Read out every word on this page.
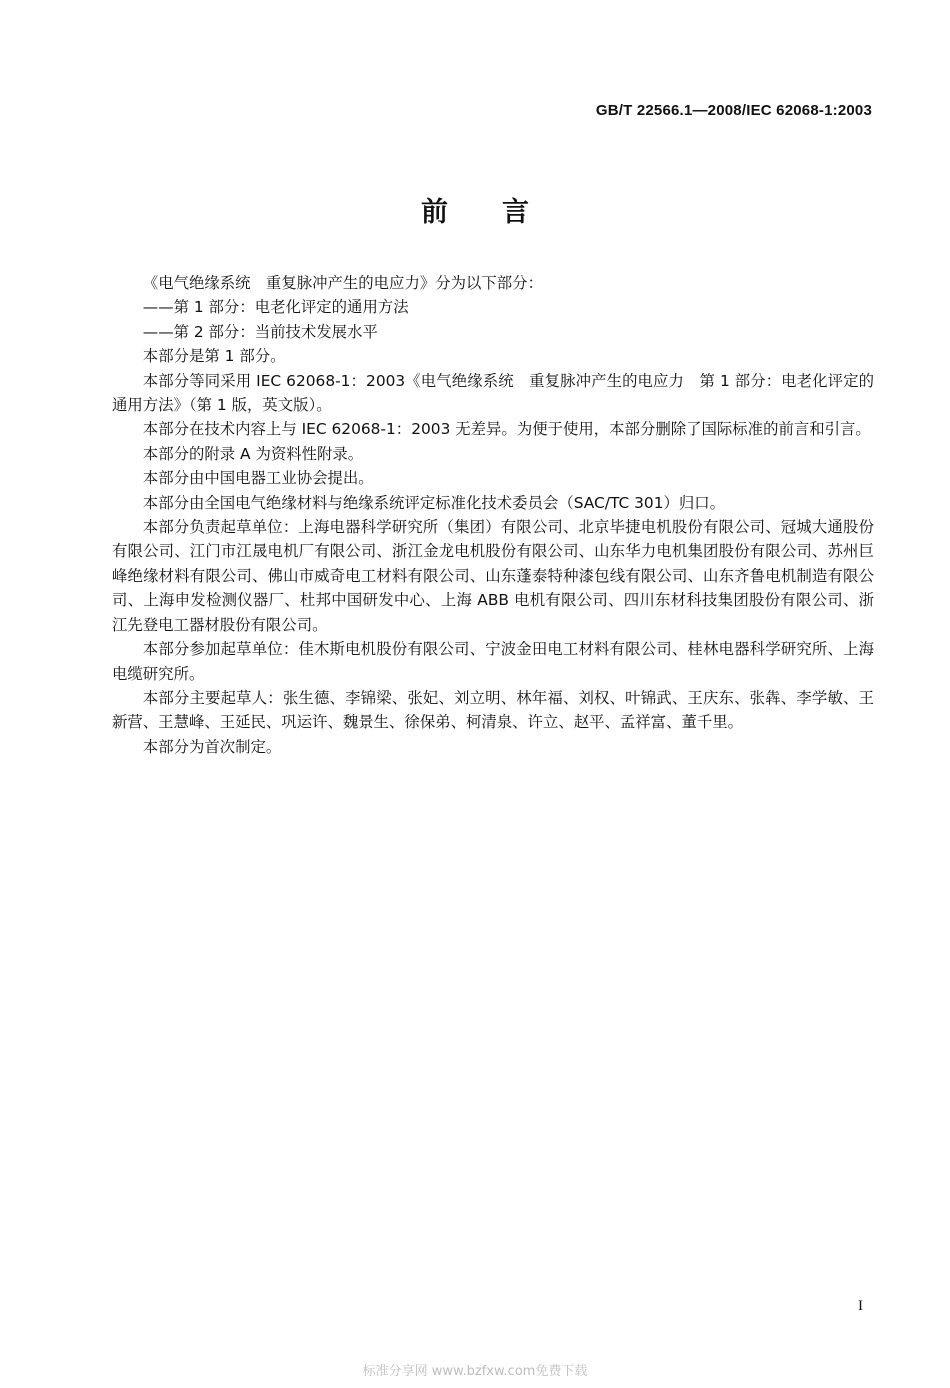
GB/T 22566.1—2008/IEC 62068-1:2003
前 言

《电气绝缘系统　重复脉冲产生的电应力》分为以下部分：

——第 1 部分：电老化评定的通用方法

——第 2 部分：当前技术发展水平

本部分是第 1 部分。

本部分等同采用 IEC 62068-1：2003《电气绝缘系统　重复脉冲产生的电应力　第 1 部分：电老化评定的通用方法》（第 1 版，英文版）。

本部分在技术内容上与 IEC 62068-1：2003 无差异。为便于使用，本部分删除了国际标准的前言和引言。

本部分的附录 A 为资料性附录。

本部分由中国电器工业协会提出。

本部分由全国电气绝缘材料与绝缘系统评定标准化技术委员会（SAC/TC 301）归口。

本部分负责起草单位：上海电器科学研究所（集团）有限公司、北京毕捷电机股份有限公司、冠城大通股份有限公司、江门市江晟电机厂有限公司、浙江金龙电机股份有限公司、山东华力电机集团股份有限公司、苏州巨峰绝缘材料有限公司、佛山市威奇电工材料有限公司、山东蓬泰特种漆包线有限公司、山东齐鲁电机制造有限公司、上海申发检测仪器厂、杜邦中国研发中心、上海 ABB 电机有限公司、四川东材科技集团股份有限公司、浙江先登电工器材股份有限公司。

本部分参加起草单位：佳木斯电机股份有限公司、宁波金田电工材料有限公司、桂林电器科学研究所、上海电缆研究所。

本部分主要起草人：张生德、李锦梁、张妃、刘立明、林年福、刘权、叶锦武、王庆东、张犇、李学敏、王新营、王慧峰、王延民、巩运许、魏景生、徐保弟、柯清泉、许立、赵平、孟祥富、董千里。

本部分为首次制定。

I
标准分享网 www.bzfxw.com免费下载
